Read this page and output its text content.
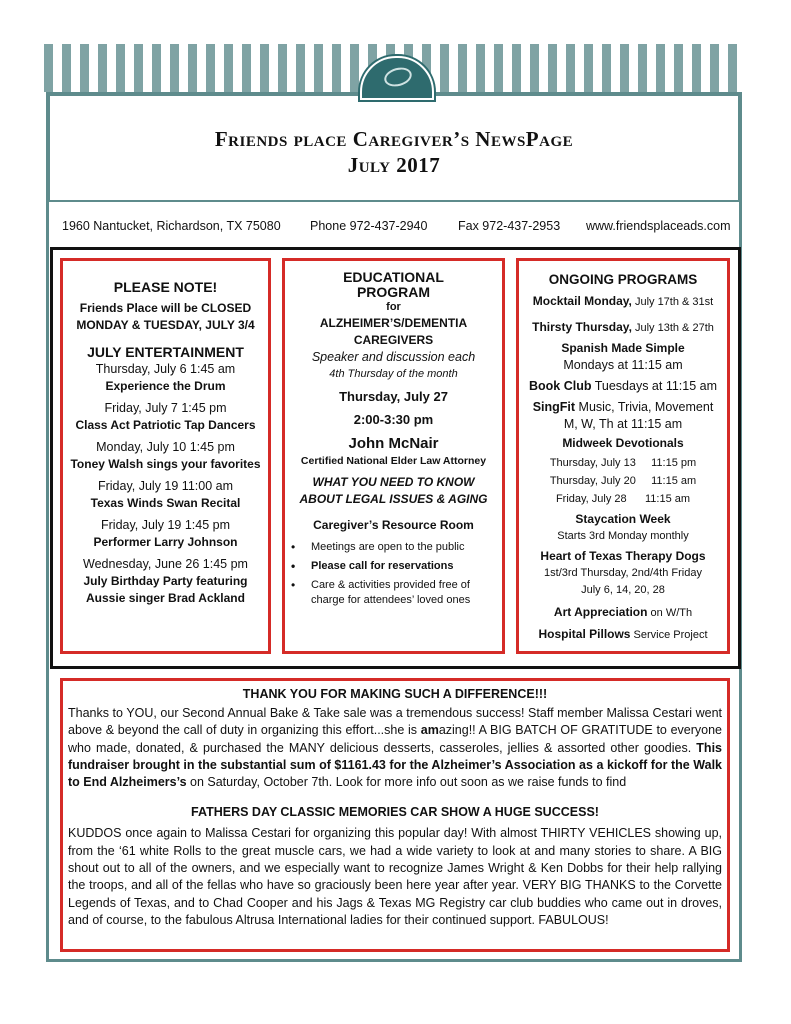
Friends place Caregiver’s NewsPage
July 2017
1960 Nantucket, Richardson, TX 75080 Phone 972-437-2940 Fax 972-437-2953 www.friendsplaceads.com
PLEASE NOTE!
Friends Place will be CLOSED
MONDAY & TUESDAY, JULY 3/4
JULY ENTERTAINMENT
Thursday, July 6 1:45 am
Experience the Drum
Friday, July 7 1:45 pm
Class Act Patriotic Tap Dancers
Monday, July 10 1:45 pm
Toney Walsh sings your favorites
Friday, July 19 11:00 am
Texas Winds Swan Recital
Friday, July 19 1:45 pm
Performer Larry Johnson
Wednesday, June 26 1:45 pm
July Birthday Party featuring
Aussie singer Brad Ackland
EDUCATIONAL
PROGRAM
for
ALZHEIMER’S/DEMENTIA
CAREGIVERS
Speaker and discussion each
4th Thursday of the month
Thursday, July 27
2:00-3:30 pm
John McNair
Certified National Elder Law Attorney
WHAT YOU NEED TO KNOW
ABOUT LEGAL ISSUES & AGING
Caregiver’s Resource Room
• Meetings are open to the public
• Please call for reservations
• Care & activities provided free of charge for attendees’ loved ones
ONGOING PROGRAMS
Mocktail Monday, July 17th & 31st
Thirsty Thursday, July 13th & 27th
Spanish Made Simple
Mondays at 11:15 am
Book Club Tuesdays at 11:15 am
SingFit Music, Trivia, Movement
M, W, Th at 11:15 am
Midweek Devotionals
Thursday, July 13 11:15 pm
Thursday, July 20 11:15 am
Friday, July 28 11:15 am
Staycation Week
Starts 3rd Monday monthly
Heart of Texas Therapy Dogs
1st/3rd Thursday, 2nd/4th Friday
July 6, 14, 20, 28
Art Appreciation on W/Th
Hospital Pillows Service Project
THANK YOU FOR MAKING SUCH A DIFFERENCE!!!
Thanks to YOU, our Second Annual Bake & Take sale was a tremendous success! Staff member Malissa Cestari went above & beyond the call of duty in organizing this effort...she is amazing!! A BIG BATCH OF GRATITUDE to everyone who made, donated, & purchased the MANY delicious desserts, casseroles, jellies & assorted other goodies. This fundraiser brought in the substantial sum of $1161.43 for the Alzheimer’s Association as a kickoff for the Walk to End Alzheimers’s on Saturday, October 7th. Look for more info out soon as we raise funds to find
FATHERS DAY CLASSIC MEMORIES CAR SHOW A HUGE SUCCESS!
KUDDOS once again to Malissa Cestari for organizing this popular day! With almost THIRTY VEHICLES showing up, from the ‘61 white Rolls to the great muscle cars, we had a wide variety to look at and many stories to share. A BIG shout out to all of the owners, and we especially want to recognize James Wright & Ken Dobbs for their help rallying the troops, and all of the fellas who have so graciously been here year after year. VERY BIG THANKS to the Corvette Legends of Texas, and to Chad Cooper and his Jags & Texas MG Registry car club buddies who came out in droves, and of course, to the fabulous Altrusa International ladies for their continued support. FABULOUS!
